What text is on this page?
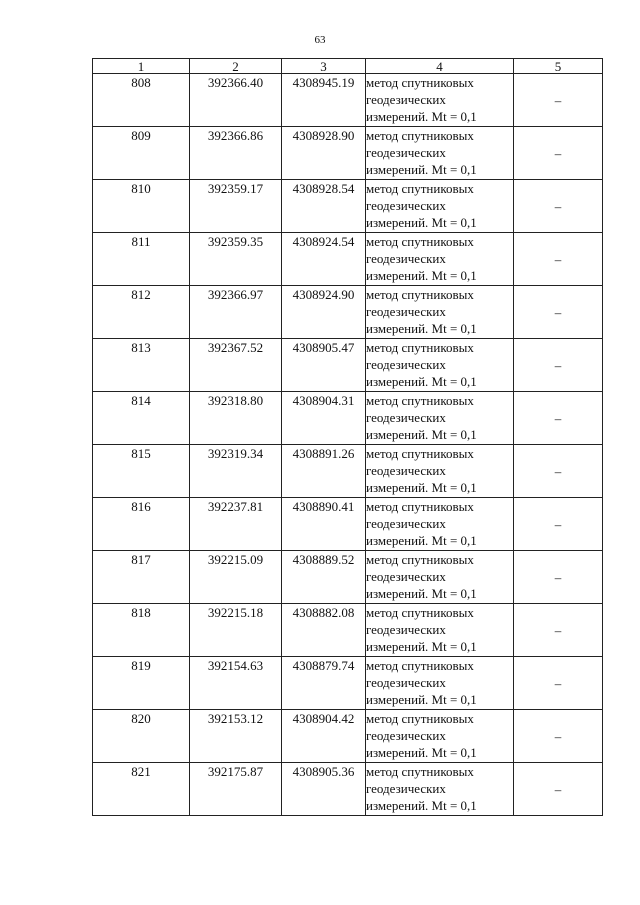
63
1	2	3	4	5
808	392366.40	4308945.19	метод спутниковых
геодезических
измерений. Mt = 0,1	–
809	392366.86	4308928.90	метод спутниковых
геодезических
измерений. Mt = 0,1	–
810	392359.17	4308928.54	метод спутниковых
геодезических
измерений. Mt = 0,1	–
811	392359.35	4308924.54	метод спутниковых
геодезических
измерений. Mt = 0,1	–
812	392366.97	4308924.90	метод спутниковых
геодезических
измерений. Mt = 0,1	–
813	392367.52	4308905.47	метод спутниковых
геодезических
измерений. Mt = 0,1	–
814	392318.80	4308904.31	метод спутниковых
геодезических
измерений. Mt = 0,1	–
815	392319.34	4308891.26	метод спутниковых
геодезических
измерений. Mt = 0,1	–
816	392237.81	4308890.41	метод спутниковых
геодезических
измерений. Mt = 0,1	–
817	392215.09	4308889.52	метод спутниковых
геодезических
измерений. Mt = 0,1	–
818	392215.18	4308882.08	метод спутниковых
геодезических
измерений. Mt = 0,1	–
819	392154.63	4308879.74	метод спутниковых
геодезических
измерений. Mt = 0,1	–
820	392153.12	4308904.42	метод спутниковых
геодезических
измерений. Mt = 0,1	–
821	392175.87	4308905.36	метод спутниковых
геодезических
измерений. Mt = 0,1	–
